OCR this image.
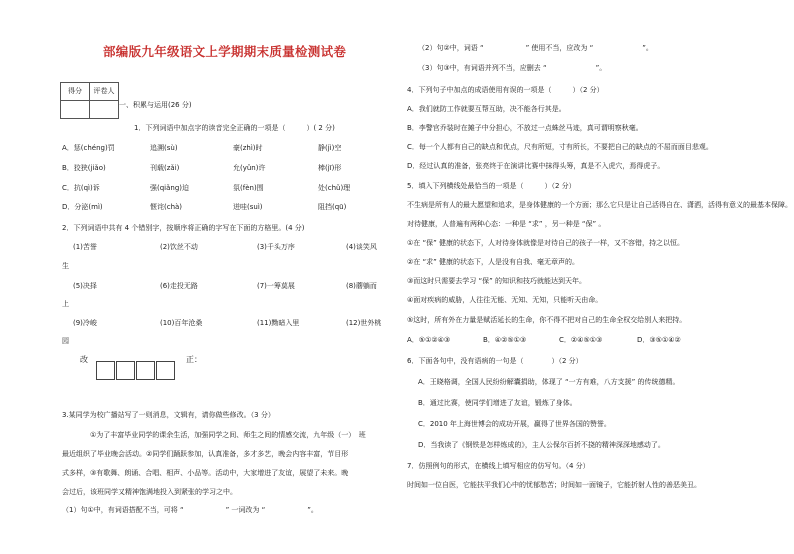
部编版九年级语文上学期期末质量检测试卷
得分	评卷人

一、积累与运用(26 分)
1．下列词语中加点字的读音完全正确的一项是（　　　）( 2 分)
A．惩(chéng)罚	追溯(sù)	豪(zhì)时	静(jì)空
B．狡狭(jiǎo)	刊载(zǎi)	允(yǔn)许	棒(jī)形
C．抗(qì)诉	强(qiǎng)迫	氛(fèn)围	处(chǔ)理
D．分泌(mì)	惬诧(chà)	迸哇(suì)	阻挡(qū)
2．下列词语中共有 4 个错别字，按顺序将正确的字写在下面的方格里。(4 分)
(1)苦誉	(2)饮丝不动	(3)千头万序	(4)谈笑风
生
(5)决择	(6)走投无路	(7)一筹莫展	(8)蘑躺而
上
(9)冷峻	(10)百年沧桑	(11)黝暗入里	(12)世外桃
园
改	正：
3.某同学为校广播站写了一则消息，文辑有，请你做些修改。（3 分）
①为了丰富毕业同学的课余生活，加强同学之间、师生之间的情感交流，九年级（一）　班
最近组织了毕业晚会活动。②同学们踊跃参加，认真准备，多才多艺，晚会内容丰富，节目形
式多样，③有歌舞、朗诵、合唱、相声、小品等。活动中，大家增进了友谊，展望了未来。晚
会过后，该班同学又精神饱满地投入到紧张的学习之中。
（1）句①中，有词语搭配不当，可将 “　　　　　　” 一词改为 “　　　　　　”。
（2）句②中，词语 “　　　　　　” 使用不当，应改为 “　　　　　　　”。
（3）句③中，有词语并列不当，应删去 “　　　　　　　”。
4．下列句子中加点的成语使用有误的一项是（　　　）（2 分）
A．我们就防工作就要互帮互助，决不能各行其是。
B．李警官乔装时在摊子中分担心，不放过一点蛛丝马迹，真可谓明察秋毫。
C．每一个人都有自己的缺点和优点，尺有所短，寸有所长，不要把自己的缺点的不屈而面目悲观。
D．经过认真的准备，张亮终于在演讲比赛中抹得头筹，真是不入虎穴，焉得虎子。
5．填入下列横线处最恰当的一项是（　　　）（2 分）
不生病是所有人的最大愿望和追求，是身体健康的一个方面；那么它只是让自己活得自在、潇洒，活得有意义的最基本保障。
对待健康，人普遍有两种心态：一种是 “求” ，另一种是 “保” 。　　　　　　　　
①在 “保” 健康的状态下，人对待身体就像是对待自己的孩子一样，又不容错，持之以恒。
②在 “求” 健康的状态下，人是没有自我、毫无章声的。
③而这时只需要去学习 “保” 的知识和技巧就能达到天年。
④面对疾病的威胁，人往往无能、无知、无知，只能听天由命。
⑤这时，所有外在力量是赋活延长的生命，你不得不把对自己的生命全权交给别人来把持。
A．⑤①②④③	B．④②⑤①③	C．②④⑤①③	D．③⑤①④②
6．下面各句中，没有语病的一句是（　　　　）（2 分）
A．王晓格调，全国人民纷纷解囊捐助，体现了 “一方有难，八方支援” 的传统德精。
B．通过比赛，使同学们增进了友谊，锻炼了身体。
C．2010 年上海世博会的成功开展，赢得了世界各国的赞誉。
D．当我读了《钢铁是怎样炼成的》，主人公保尔百折不挠的精神深深地感动了。
7．仿照例句的形式，在横线上填写相应的仿写句。（4 分）
时间如一位自医，它能扶平我们心中的忧郁愁苦；时间如一面镜子，它能折射人性的善恶美丑。
